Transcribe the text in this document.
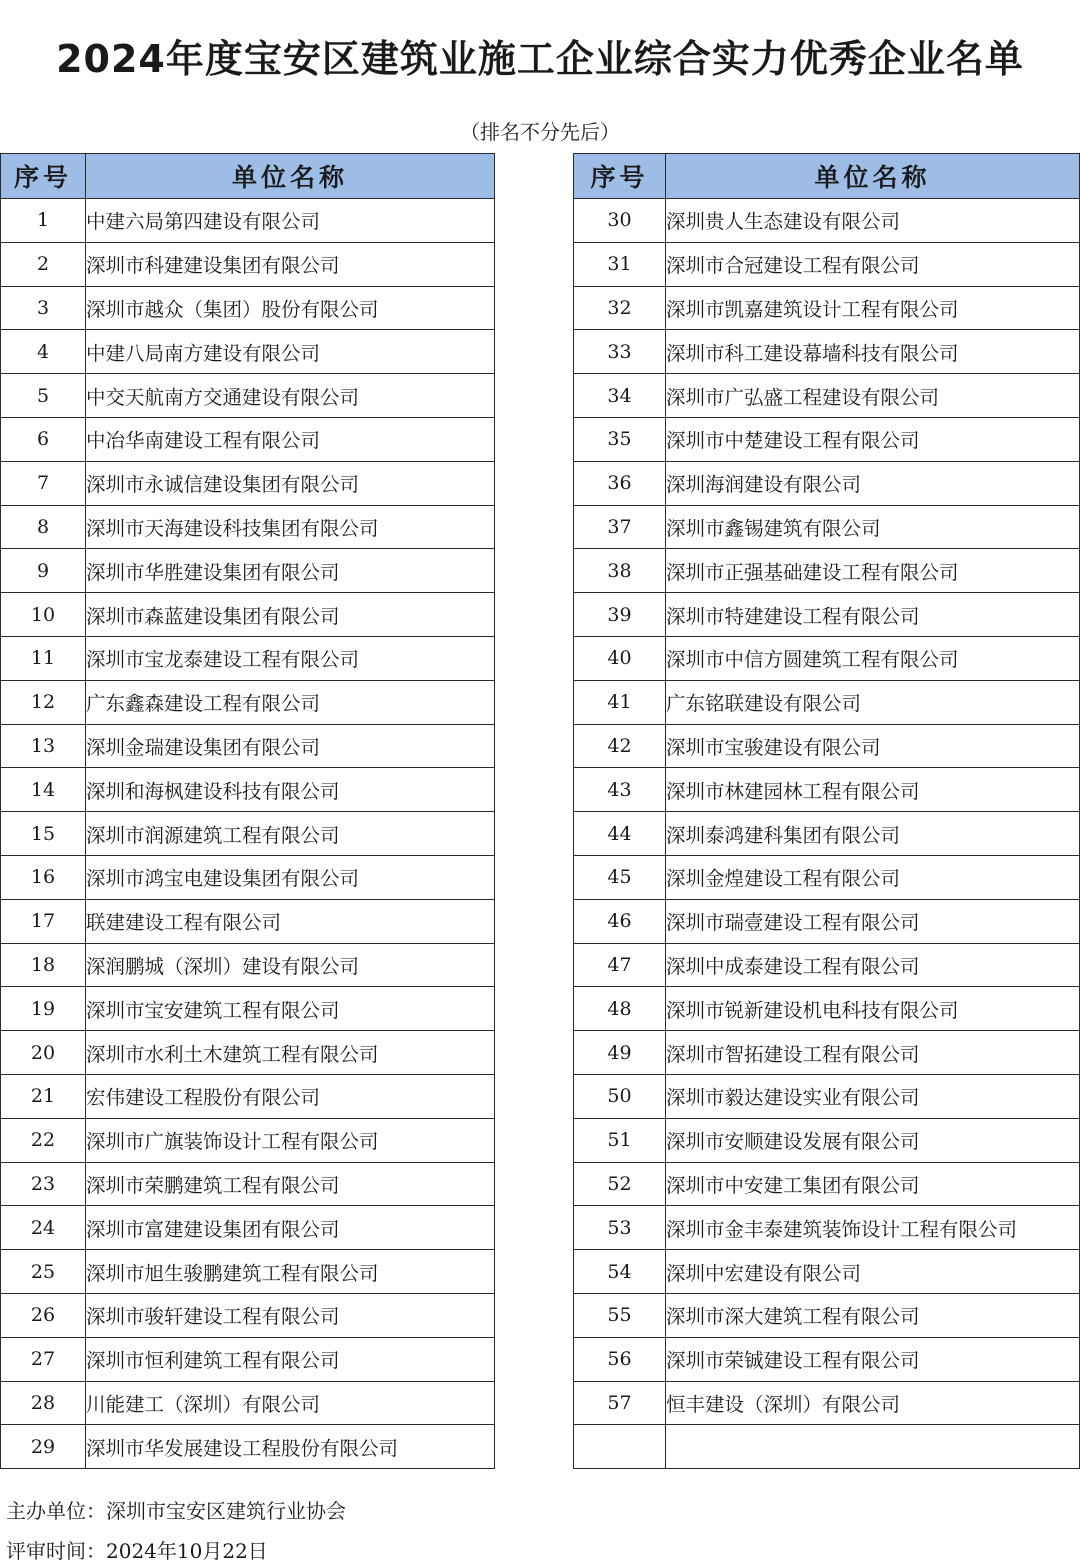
2024年度宝安区建筑业施工企业综合实力优秀企业名单
（排名不分先后）
序号	单位名称
1	中建六局第四建设有限公司
2	深圳市科建建设集团有限公司
3	深圳市越众（集团）股份有限公司
4	中建八局南方建设有限公司
5	中交天航南方交通建设有限公司
6	中冶华南建设工程有限公司
7	深圳市永诚信建设集团有限公司
8	深圳市天海建设科技集团有限公司
9	深圳市华胜建设集团有限公司
10	深圳市森蓝建设集团有限公司
11	深圳市宝龙泰建设工程有限公司
12	广东鑫森建设工程有限公司
13	深圳金瑞建设集团有限公司
14	深圳和海枫建设科技有限公司
15	深圳市润源建筑工程有限公司
16	深圳市鸿宝电建设集团有限公司
17	联建建设工程有限公司
18	深润鹏城（深圳）建设有限公司
19	深圳市宝安建筑工程有限公司
20	深圳市水利土木建筑工程有限公司
21	宏伟建设工程股份有限公司
22	深圳市广旗装饰设计工程有限公司
23	深圳市荣鹏建筑工程有限公司
24	深圳市富建建设集团有限公司
25	深圳市旭生骏鹏建筑工程有限公司
26	深圳市骏轩建设工程有限公司
27	深圳市恒利建筑工程有限公司
28	川能建工（深圳）有限公司
29	深圳市华发展建设工程股份有限公司
序号	单位名称
30	深圳贵人生态建设有限公司
31	深圳市合冠建设工程有限公司
32	深圳市凯嘉建筑设计工程有限公司
33	深圳市科工建设幕墙科技有限公司
34	深圳市广弘盛工程建设有限公司
35	深圳市中楚建设工程有限公司
36	深圳海润建设有限公司
37	深圳市鑫锡建筑有限公司
38	深圳市正强基础建设工程有限公司
39	深圳市特建建设工程有限公司
40	深圳市中信方圆建筑工程有限公司
41	广东铭联建设有限公司
42	深圳市宝骏建设有限公司
43	深圳市林建园林工程有限公司
44	深圳泰鸿建科集团有限公司
45	深圳金煌建设工程有限公司
46	深圳市瑞壹建设工程有限公司
47	深圳中成泰建设工程有限公司
48	深圳市锐新建设机电科技有限公司
49	深圳市智拓建设工程有限公司
50	深圳市毅达建设实业有限公司
51	深圳市安顺建设发展有限公司
52	深圳市中安建工集团有限公司
53	深圳市金丰泰建筑装饰设计工程有限公司
54	深圳中宏建设有限公司
55	深圳市深大建筑工程有限公司
56	深圳市荣铖建设工程有限公司
57	恒丰建设（深圳）有限公司

主办单位：深圳市宝安区建筑行业协会
评审时间：2024年10月22日
